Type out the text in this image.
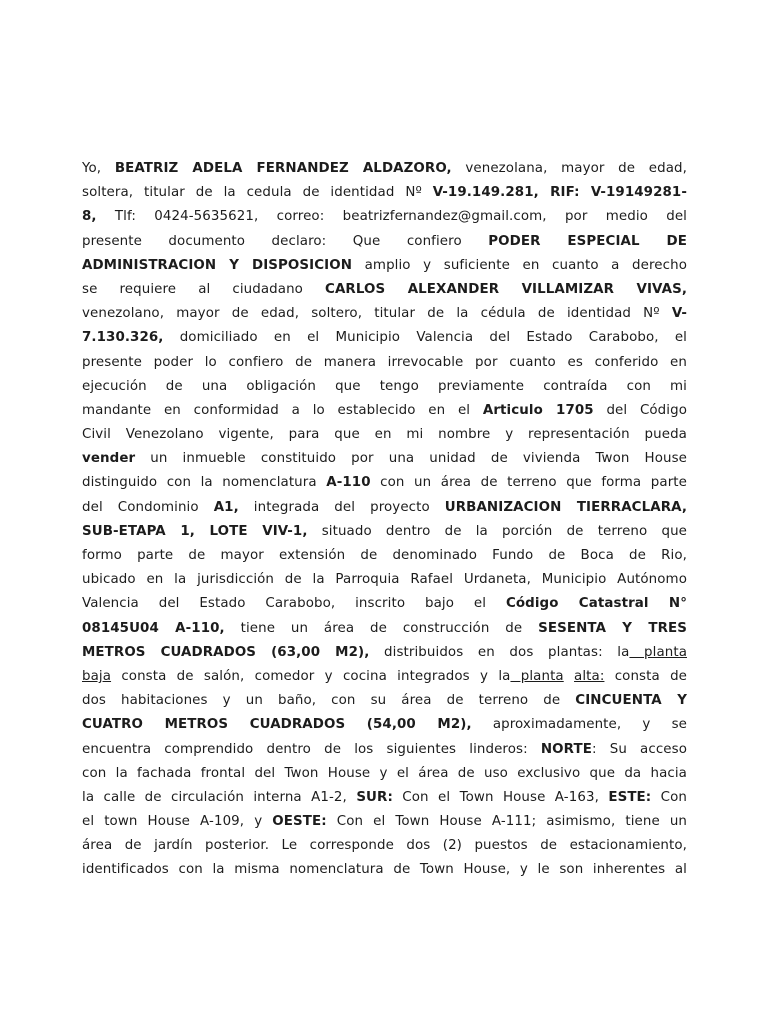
Yo, BEATRIZ ADELA FERNANDEZ ALDAZORO, venezolana, mayor de edad,
soltera, titular de la cedula de identidad Nº V-19.149.281, RIF: V-19149281-
8, Tlf: 0424-5635621, correo: beatrizfernandez@gmail.com, por medio del
presente documento declaro: Que confiero PODER ESPECIAL DE
ADMINISTRACION Y DISPOSICION amplio y suficiente en cuanto a derecho
se requiere al ciudadano CARLOS ALEXANDER VILLAMIZAR VIVAS,
venezolano, mayor de edad, soltero, titular de la cédula de identidad Nº V-
7.130.326, domiciliado en el Municipio Valencia del Estado Carabobo, el
presente poder lo confiero de manera irrevocable por cuanto es conferido en
ejecución de una obligación que tengo previamente contraída con mi
mandante en conformidad a lo establecido en el Articulo 1705 del Código
Civil Venezolano vigente, para que en mi nombre y representación pueda
vender un inmueble constituido por una unidad de vivienda Twon House
distinguido con la nomenclatura A-110 con un área de terreno que forma parte
del Condominio A1, integrada del proyecto URBANIZACION TIERRACLARA,
SUB-ETAPA 1, LOTE VIV-1, situado dentro de la porción de terreno que
formo parte de mayor extensión de denominado Fundo de Boca de Rio,
ubicado en la jurisdicción de la Parroquia Rafael Urdaneta, Municipio Autónomo
Valencia del Estado Carabobo, inscrito bajo el Código Catastral N°
08145U04 A-110, tiene un área de construcción de SESENTA Y TRES
METROS CUADRADOS (63,00 M2), distribuidos en dos plantas: la planta
baja consta de salón, comedor y cocina integrados y la planta alta: consta de
dos habitaciones y un baño, con su área de terreno de CINCUENTA Y
CUATRO METROS CUADRADOS (54,00 M2), aproximadamente, y se
encuentra comprendido dentro de los siguientes linderos: NORTE: Su acceso
con la fachada frontal del Twon House y el área de uso exclusivo que da hacia
la calle de circulación interna A1-2, SUR: Con el Town House A-163, ESTE: Con
el town House A-109, y OESTE: Con el Town House A-111; asimismo, tiene un
área de jardín posterior. Le corresponde dos (2) puestos de estacionamiento,
identificados con la misma nomenclatura de Town House, y le son inherentes al
